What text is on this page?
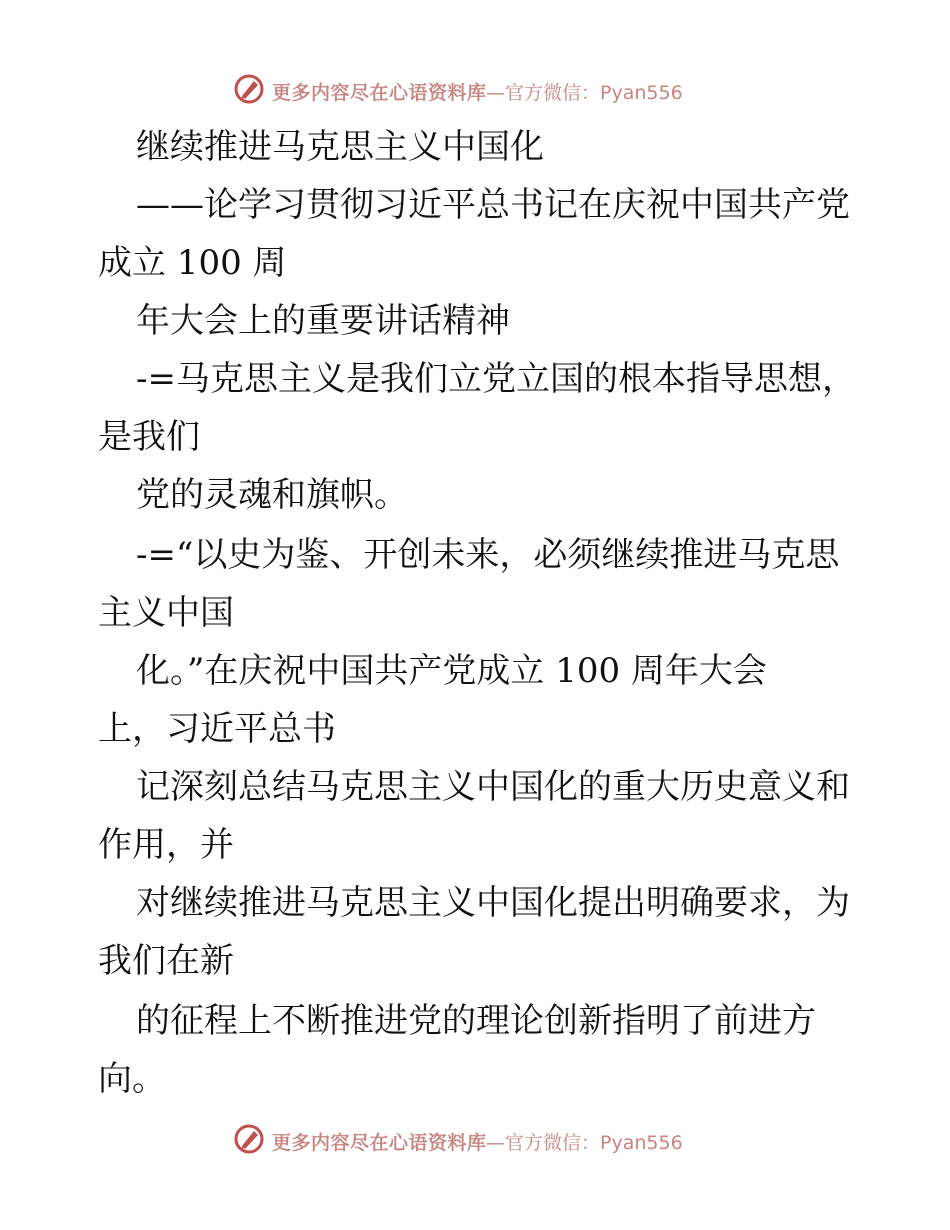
更多内容尽在心语资料库 —官方微信：Pyan556
继续推进马克思主义中国化
——论学习贯彻习近平总书记在庆祝中国共产党
成立 100 周
年大会上的重要讲话精神
-=马克思主义是我们立党立国的根本指导思想，
是我们
党的灵魂和旗帜。
-=“以史为鉴、开创未来，必须继续推进马克思
主义中国
化。”在庆祝中国共产党成立 100 周年大会
上，习近平总书
记深刻总结马克思主义中国化的重大历史意义和
作用，并
对继续推进马克思主义中国化提出明确要求，为
我们在新
的征程上不断推进党的理论创新指明了前进方
向。
更多内容尽在心语资料库 —官方微信：Pyan556
